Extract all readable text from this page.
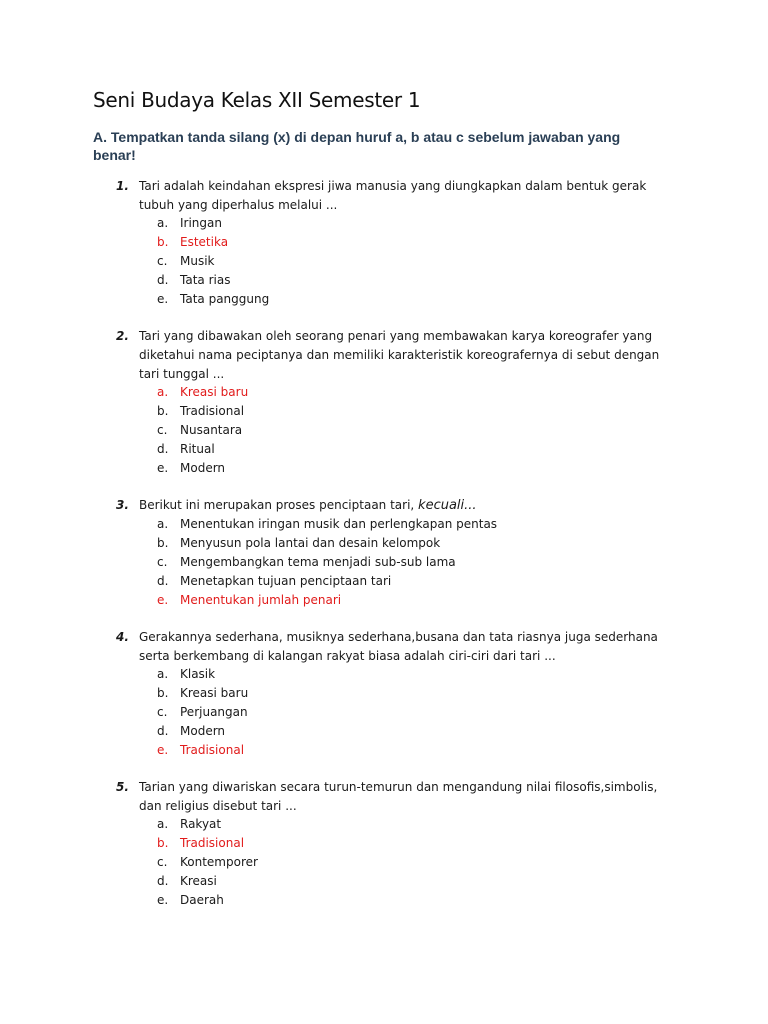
Seni Budaya Kelas XII Semester 1

A. Tempatkan tanda silang (x) di depan huruf a, b atau c sebelum jawaban yang benar!

1. Tari adalah keindahan ekspresi jiwa manusia yang diungkapkan dalam bentuk gerak tubuh yang diperhalus melalui ...
a. Iringan
b. Estetika
c. Musik
d. Tata rias
e. Tata panggung
2. Tari yang dibawakan oleh seorang penari yang membawakan karya koreografer yang diketahui nama peciptanya dan memiliki karakteristik koreografernya di sebut dengan tari tunggal ...
a. Kreasi baru
b. Tradisional
c. Nusantara
d. Ritual
e. Modern
3. Berikut ini merupakan proses penciptaan tari, kecuali...
a. Menentukan iringan musik dan perlengkapan pentas
b. Menyusun pola lantai dan desain kelompok
c. Mengembangkan tema menjadi sub-sub lama
d. Menetapkan tujuan penciptaan tari
e. Menentukan jumlah penari
4. Gerakannya sederhana, musiknya sederhana,busana dan tata riasnya juga sederhana serta berkembang di kalangan rakyat biasa adalah ciri-ciri dari tari ...
a. Klasik
b. Kreasi baru
c. Perjuangan
d. Modern
e. Tradisional
5. Tarian yang diwariskan secara turun-temurun dan mengandung nilai filosofis,simbolis, dan religius disebut tari ...
a. Rakyat
b. Tradisional
c. Kontemporer
d. Kreasi
e. Daerah
